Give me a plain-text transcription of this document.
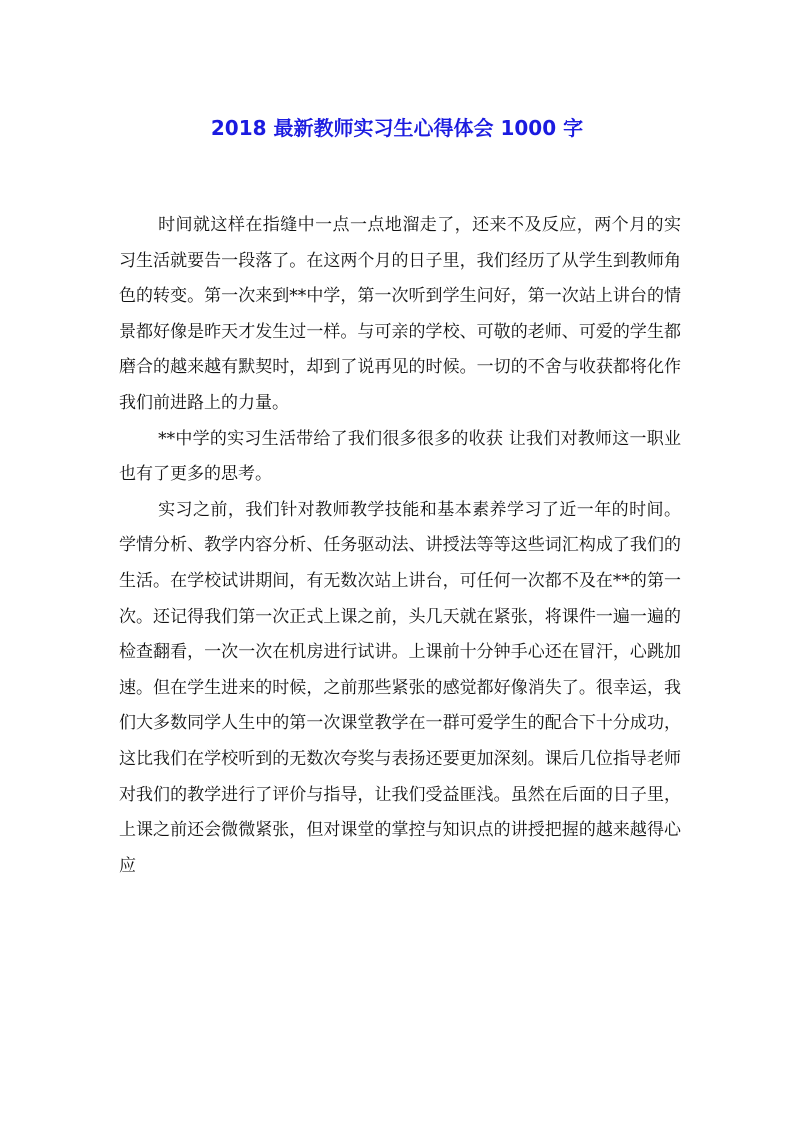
2018 最新教师实习生心得体会 1000 字

时间就这样在指缝中一点一点地溜走了，还来不及反应，两个月的实习生活就要告一段落了。在这两个月的日子里，我们经历了从学生到教师角色的转变。第一次来到**中学，第一次听到学生问好，第一次站上讲台的情景都好像是昨天才发生过一样。与可亲的学校、可敬的老师、可爱的学生都磨合的越来越有默契时，却到了说再见的时候。一切的不舍与收获都将化作我们前进路上的力量。

**中学的实习生活带给了我们很多很多的收获 让我们对教师这一职业也有了更多的思考。

实习之前，我们针对教师教学技能和基本素养学习了近一年的时间。学情分析、教学内容分析、任务驱动法、讲授法等等这些词汇构成了我们的生活。在学校试讲期间，有无数次站上讲台，可任何一次都不及在**的第一次。还记得我们第一次正式上课之前，头几天就在紧张，将课件一遍一遍的检查翻看，一次一次在机房进行试讲。上课前十分钟手心还在冒汗，心跳加速。但在学生进来的时候，之前那些紧张的感觉都好像消失了。很幸运，我们大多数同学人生中的第一次课堂教学在一群可爱学生的配合下十分成功，这比我们在学校听到的无数次夸奖与表扬还要更加深刻。课后几位指导老师对我们的教学进行了评价与指导，让我们受益匪浅。虽然在后面的日子里，上课之前还会微微紧张，但对课堂的掌控与知识点的讲授把握的越来越得心应
